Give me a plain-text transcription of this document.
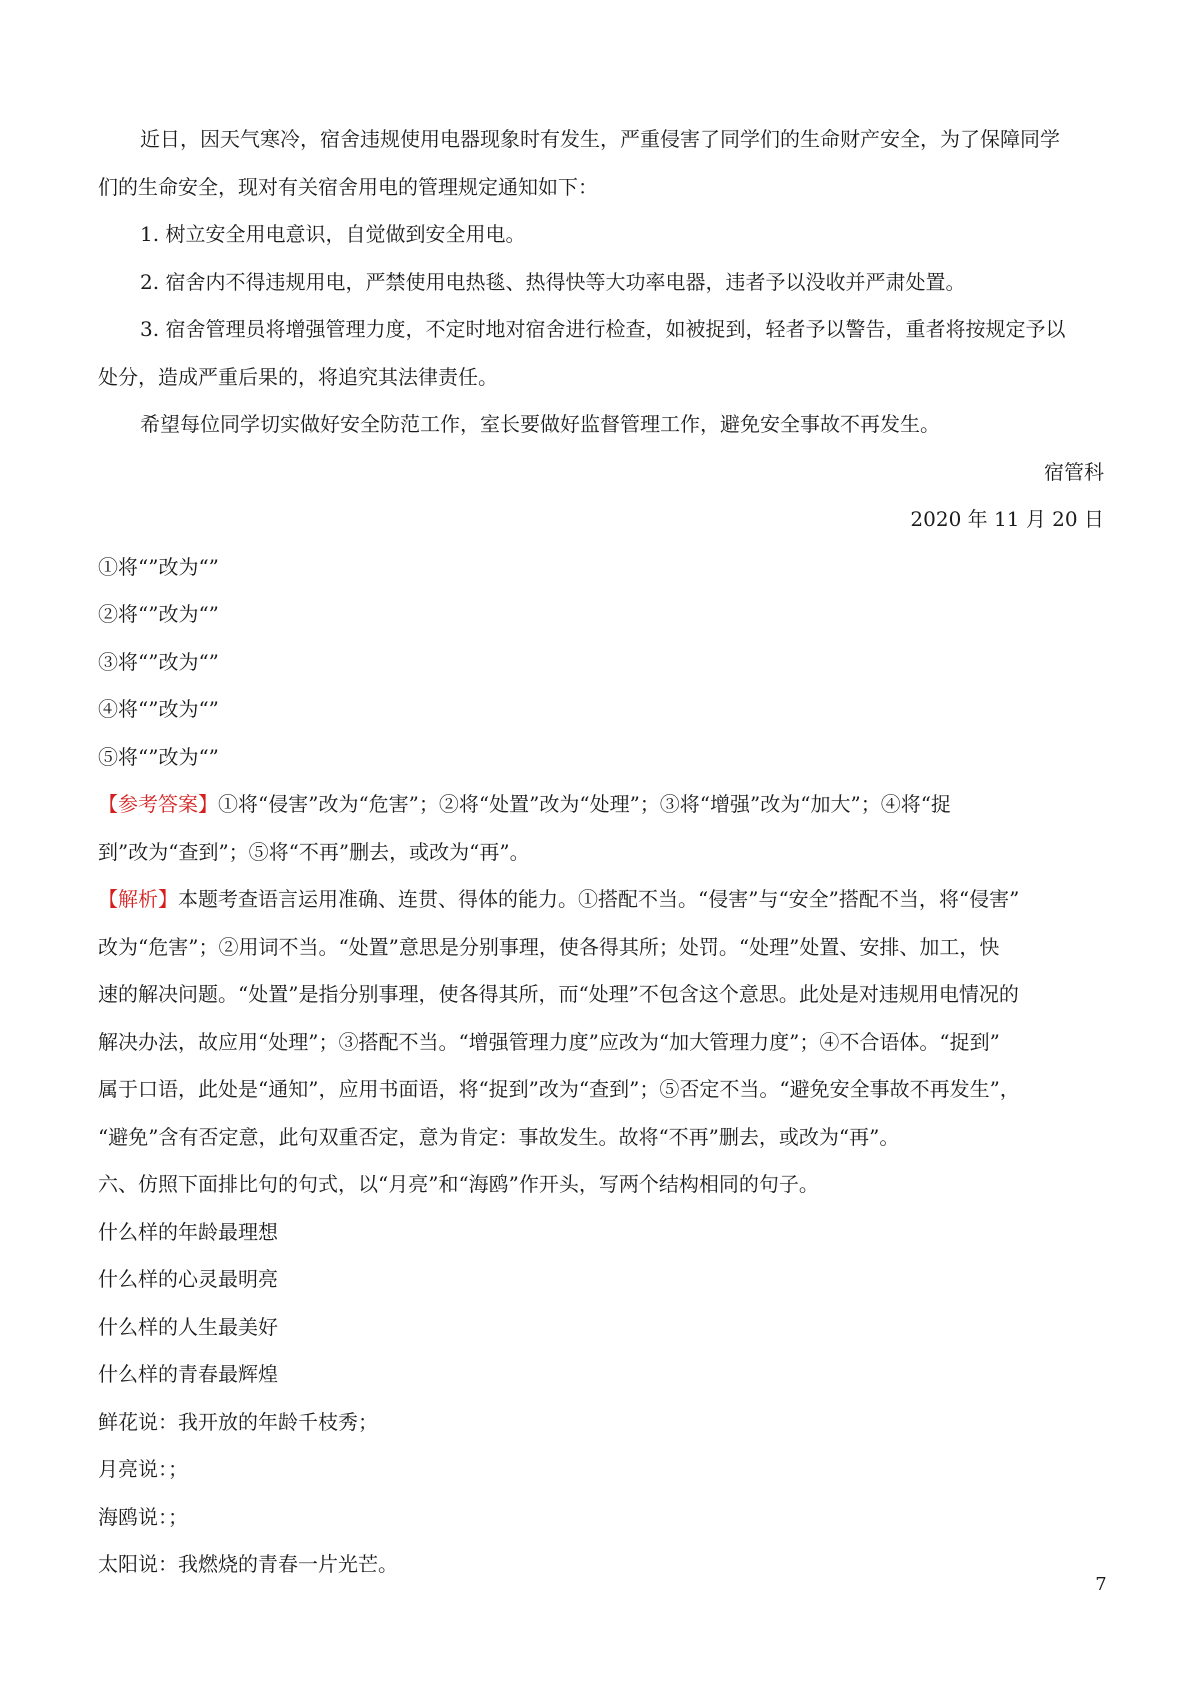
近日，因天气寒冷，宿舍违规使用电器现象时有发生，严重侵害了同学们的生命财产安全，为了保障同学
们的生命安全，现对有关宿舍用电的管理规定通知如下：
1. 树立安全用电意识，自觉做到安全用电。
2. 宿舍内不得违规用电，严禁使用电热毯、热得快等大功率电器，违者予以没收并严肃处置。
3. 宿舍管理员将增强管理力度，不定时地对宿舍进行检查，如被捉到，轻者予以警告，重者将按规定予以
处分，造成严重后果的，将追究其法律责任。
希望每位同学切实做好安全防范工作，室长要做好监督管理工作，避免安全事故不再发生。
宿管科
2020 年 11 月 20 日
①将“”改为“”
②将“”改为“”
③将“”改为“”
④将“”改为“”
⑤将“”改为“”
【参考答案】①将“侵害”改为“危害”；②将“处置”改为“处理”；③将“增强”改为“加大”；④将“捉
到”改为“查到”；⑤将“不再”删去，或改为“再”。
【解析】本题考查语言运用准确、连贯、得体的能力。①搭配不当。“侵害”与“安全”搭配不当，将“侵害”
改为“危害”；②用词不当。“处置”意思是分别事理，使各得其所；处罚。“处理”处置、安排、加工，快
速的解决问题。“处置”是指分别事理，使各得其所，而“处理”不包含这个意思。此处是对违规用电情况的
解决办法，故应用“处理”；③搭配不当。“增强管理力度”应改为“加大管理力度”；④不合语体。“捉到”
属于口语，此处是“通知”，应用书面语，将“捉到”改为“查到”；⑤否定不当。“避免安全事故不再发生”，
“避免”含有否定意，此句双重否定，意为肯定：事故发生。故将“不再”删去，或改为“再”。
六、仿照下面排比句的句式，以“月亮”和“海鸥”作开头，写两个结构相同的句子。
什么样的年龄最理想
什么样的心灵最明亮
什么样的人生最美好
什么样的青春最辉煌
鲜花说：我开放的年龄千枝秀；
月亮说：；
海鸥说：；
太阳说：我燃烧的青春一片光芒。
7
